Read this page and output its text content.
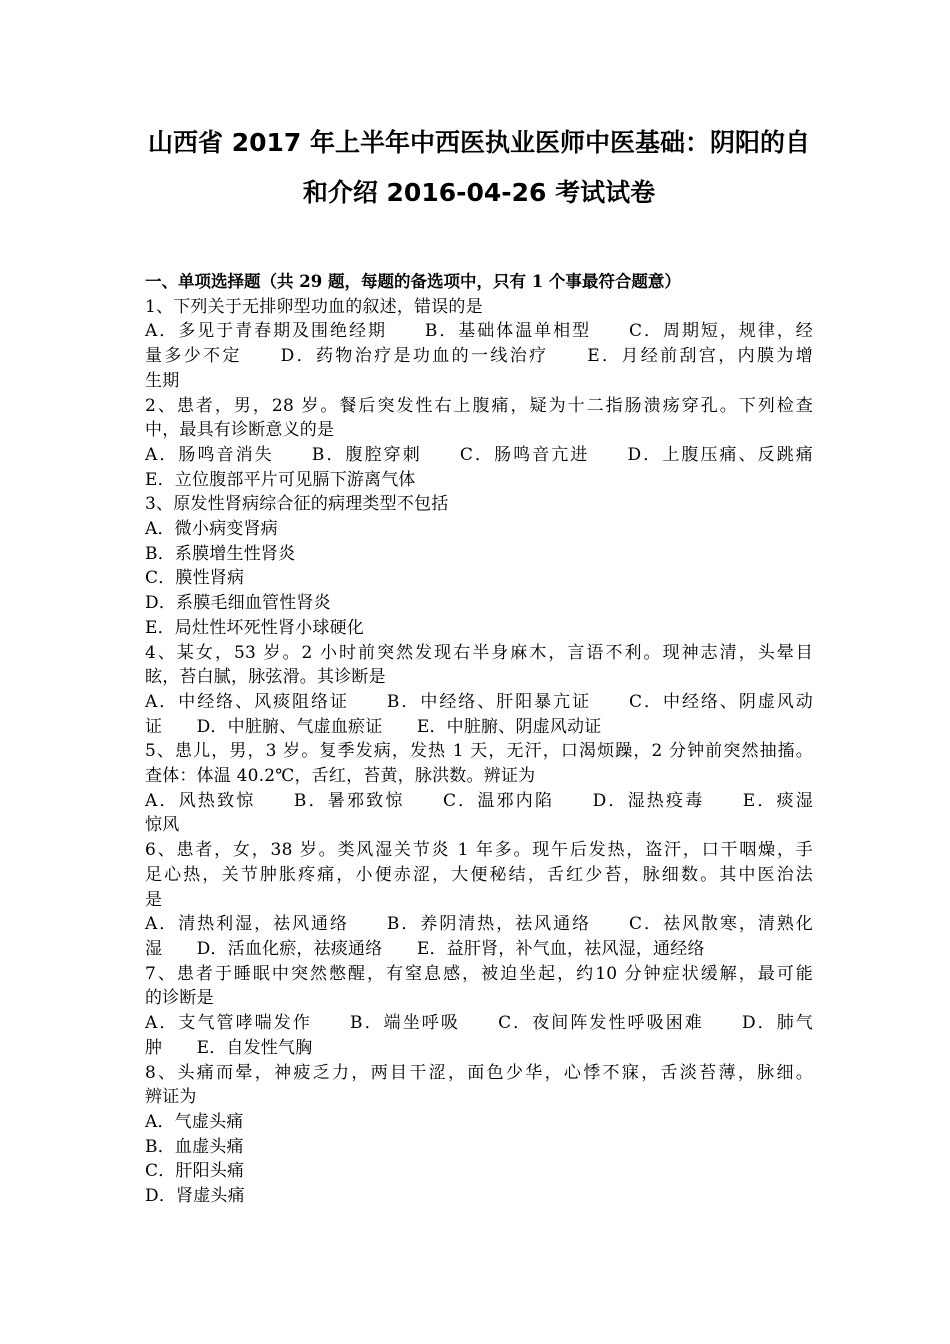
山西省 2017 年上半年中西医执业医师中医基础：阴阳的自

和介绍 2016-04-26 考试试卷

一、单项选择题（共 29 题，每题的备选项中，只有 1 个事最符合题意）
1、下列关于无排卵型功血的叙述，错误的是
A．多见于青春期及围绝经期　　B．基础体温单相型　　C．周期短，规律，经
量多少不定　　D．药物治疗是功血的一线治疗　　E．月经前刮宫，内膜为增
生期
2、患者，男，28 岁。餐后突发性右上腹痛，疑为十二指肠溃疡穿孔。下列检查
中，最具有诊断意义的是
A．肠鸣音消失　　B．腹腔穿刺　　C．肠鸣音亢进　　D．上腹压痛、反跳痛
E．立位腹部平片可见膈下游离气体
3、原发性肾病综合征的病理类型不包括
A．微小病变肾病
B．系膜增生性肾炎
C．膜性肾病
D．系膜毛细血管性肾炎
E．局灶性坏死性肾小球硬化
4、某女，53 岁。2 小时前突然发现右半身麻木，言语不利。现神志清，头晕目
眩，苔白腻，脉弦滑。其诊断是
A．中经络、风痰阻络证　　B．中经络、肝阳暴亢证　　C．中经络、阴虚风动
证　　D．中脏腑、气虚血瘀证　　E．中脏腑、阴虚风动证
5、患儿，男，3 岁。复季发病，发热 1 天，无汗，口渴烦躁，2 分钟前突然抽搐。
查体：体温 40.2℃，舌红，苔黄，脉洪数。辨证为
A．风热致惊　　B．暑邪致惊　　C．温邪内陷　　D．湿热疫毒　　E．痰湿
惊风
6、患者，女，38 岁。类风湿关节炎 1 年多。现午后发热，盗汗，口干咽燥，手
足心热，关节肿胀疼痛，小便赤涩，大便秘结，舌红少苔，脉细数。其中医治法
是
A．清热利湿，祛风通络　　B．养阴清热，祛风通络　　C．祛风散寒，清熟化
湿　　D．活血化瘀，祛痰通络　　E．益肝肾，补气血，祛风湿，通经络
7、患者于睡眠中突然憋醒，有窒息感，被迫坐起，约10 分钟症状缓解，最可能
的诊断是
A．支气管哮喘发作　　B．端坐呼吸　　C．夜间阵发性呼吸困难　　D．肺气
肿　　E．自发性气胸
8、头痛而晕，神疲乏力，两目干涩，面色少华，心悸不寐，舌淡苔薄，脉细。
辨证为
A．气虚头痛
B．血虚头痛
C．肝阳头痛
D．肾虚头痛
